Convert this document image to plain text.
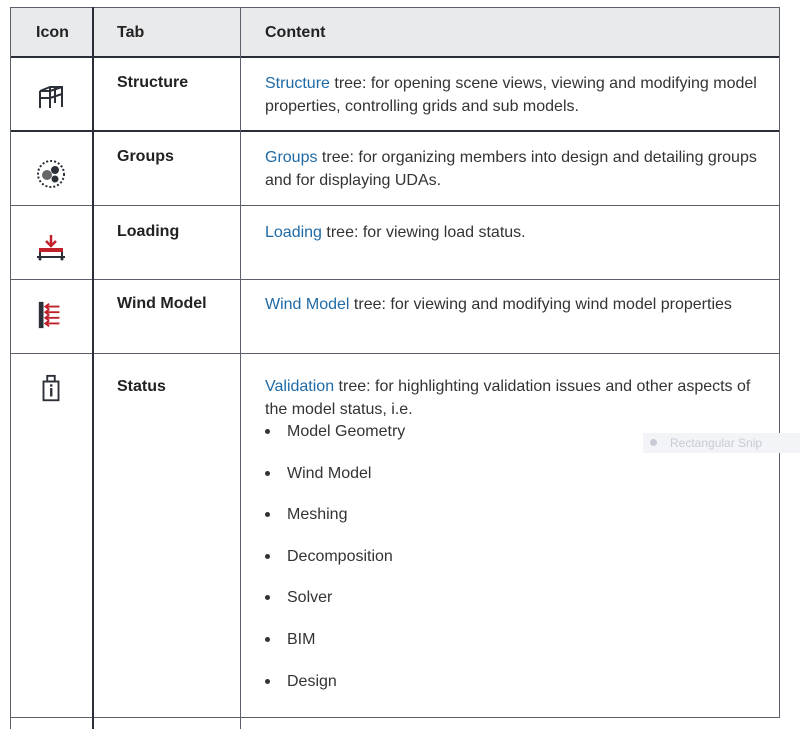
Icon	Tab	Content
Structure	Structure tree: for opening scene views, viewing and modifying model properties, controlling grids and sub models.
Groups	Groups tree: for organizing members into design and detailing groups and for displaying UDAs.
Loading	Loading tree: for viewing load status.
Wind Model	Wind Model tree: for viewing and modifying wind model properties
Status	Validation tree: for highlighting validation issues and other aspects of the model status, i.e.
Model Geometry
Wind Model
Meshing
Decomposition
Solver
BIM
Design
Rectangular Snip
